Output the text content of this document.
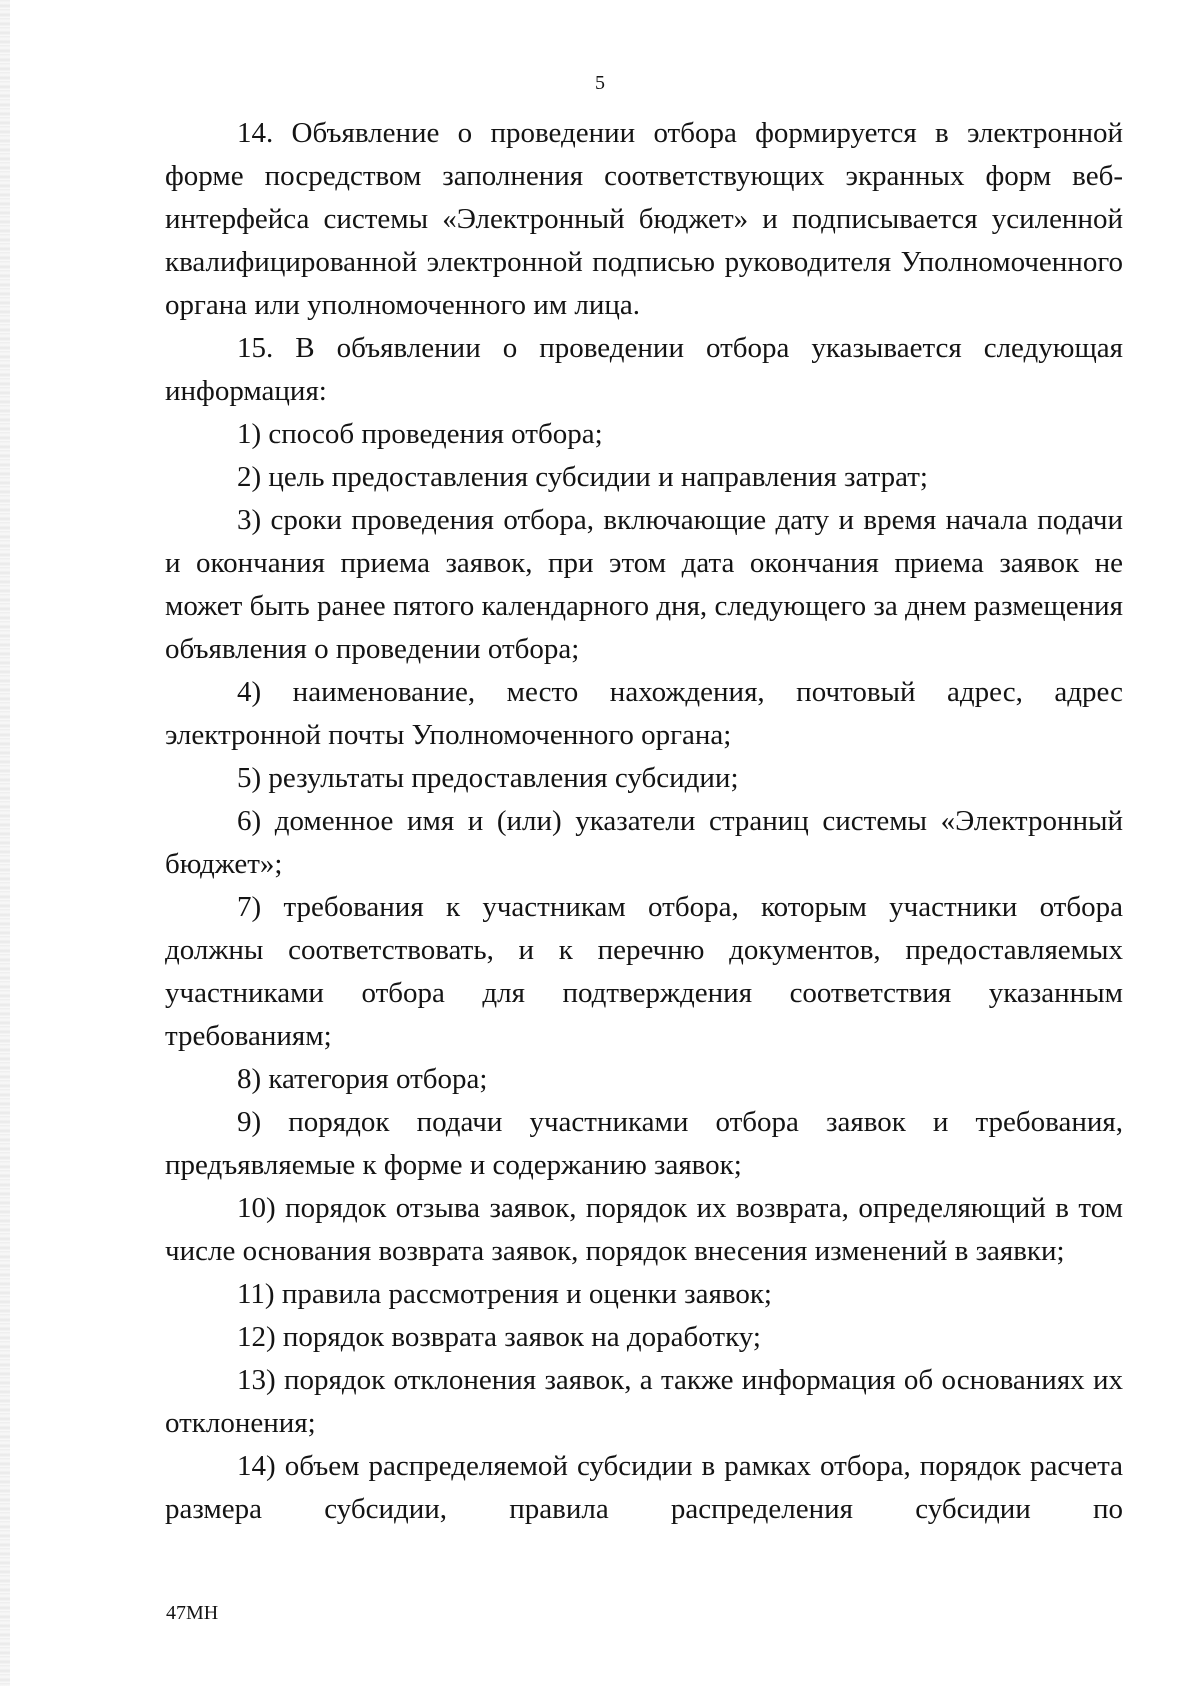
5

14. Объявление о проведении отбора формируется в электронной форме посредством заполнения соответствующих экранных форм веб-интерфейса системы «Электронный бюджет» и подписывается усиленной квалифицированной электронной подписью руководителя Уполномоченного органа или уполномоченного им лица.

15. В объявлении о проведении отбора указывается следующая информация:

1) способ проведения отбора;

2) цель предоставления субсидии и направления затрат;

3) сроки проведения отбора, включающие дату и время начала подачи и окончания приема заявок, при этом дата окончания приема заявок не может быть ранее пятого календарного дня, следующего за днем размещения объявления о проведении отбора;

4) наименование, место нахождения, почтовый адрес, адрес электронной почты Уполномоченного органа;

5) результаты предоставления субсидии;

6) доменное имя и (или) указатели страниц системы «Электронный бюджет»;

7) требования к участникам отбора, которым участники отбора должны соответствовать, и к перечню документов, предоставляемых участниками отбора для подтверждения соответствия указанным требованиям;

8) категория отбора;

9) порядок подачи участниками отбора заявок и требования, предъявляемые к форме и содержанию заявок;

10) порядок отзыва заявок, порядок их возврата, определяющий в том числе основания возврата заявок, порядок внесения изменений в заявки;

11) правила рассмотрения и оценки заявок;

12) порядок возврата заявок на доработку;

13) порядок отклонения заявок, а также информация об основаниях их отклонения;

14) объем распределяемой субсидии в рамках отбора, порядок расчета размера субсидии, правила распределения субсидии по

47МН
